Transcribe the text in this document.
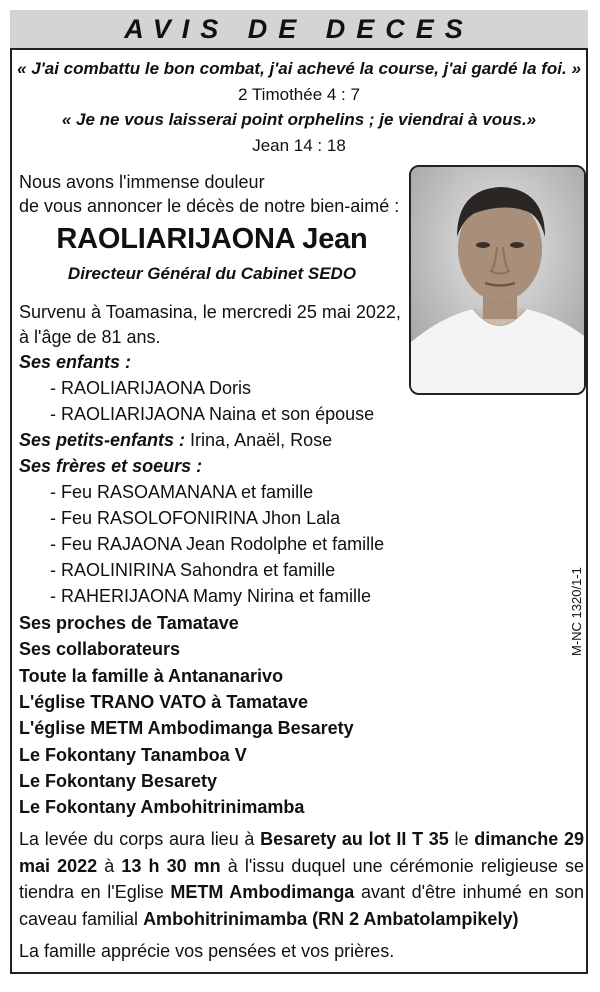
AVIS DE DECES
« J'ai combattu le bon combat, j'ai achevé la course, j'ai gardé la foi. »
2 Timothée 4 : 7
« Je ne vous laisserai point orphelins ; je viendrai à vous.»
Jean 14 : 18
Nous avons l'immense douleur
de vous annoncer le décès de notre bien-aimé :
RAOLIARIJAONA Jean
Directeur Général du Cabinet SEDO
Survenu à Toamasina, le mercredi 25 mai 2022,
à l'âge de 81 ans.
Ses enfants :
- RAOLIARIJAONA Doris
- RAOLIARIJAONA Naina et son épouse
Ses petits-enfants : Irina, Anaël, Rose
Ses frères et soeurs :
- Feu RASOAMANANA et famille
- Feu RASOLOFONIRINA Jhon Lala
- Feu RAJAONA Jean Rodolphe et famille
- RAOLINIRINA Sahondra et famille
- RAHERIJAONA Mamy Nirina et famille
Ses proches de Tamatave
Ses collaborateurs
Toute la famille à Antananarivo
L'église TRANO VATO à Tamatave
L'église METM Ambodimanga Besarety
Le Fokontany Tanamboa V
Le Fokontany Besarety
Le Fokontany Ambohitrinimamba
M-NC 1320/1-1
La levée du corps aura lieu à Besarety au lot II T 35 le dimanche 29 mai 2022 à 13 h 30 mn à l'issu duquel une cérémonie religieuse se tiendra en l'Eglise METM Ambodimanga avant d'être inhumé en son caveau familial Ambohitrinimamba (RN 2 Ambatolampikely)
La famille apprécie vos pensées et vos prières.
